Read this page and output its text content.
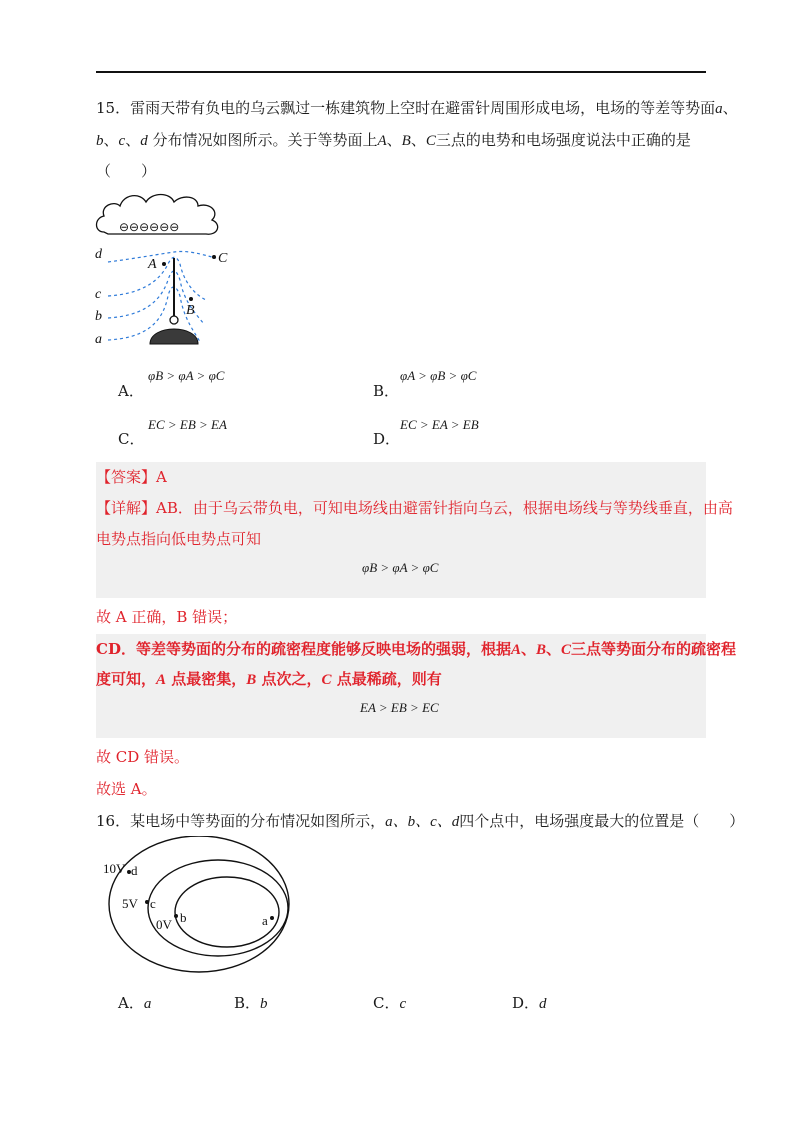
15．雷雨天带有负电的乌云飘过一栋建筑物上空时在避雷针周围形成电场，电场的等差等势面a、
b、c、d 分布情况如图所示。关于等势面上A、B、C三点的电势和电场强度说法中正确的是
（　　）
⊖⊖⊖⊖⊖⊖
A	C
B
d
c
b
a
A．
φB > φA > φC
B．
φA > φB > φC
C．
EC > EB > EA
D．
EC > EA > EB
【答案】A
【详解】AB．由于乌云带负电，可知电场线由避雷针指向乌云，根据电场线与等势线垂直，由高
电势点指向低电势点可知
φB > φA > φC
故 A 正确，B 错误；
CD．等差等势面的分布的疏密程度能够反映电场的强弱，根据A、B、C三点等势面分布的疏密程
度可知，A 点最密集，B 点次之，C 点最稀疏，则有
EA > EB > EC
故 CD 错误。
故选 A。
16．某电场中等势面的分布情况如图所示，a、b、c、d四个点中，电场强度最大的位置是（　　）
10V d
5V c
0V b	a
A．a	B．b	C．c	D．d
